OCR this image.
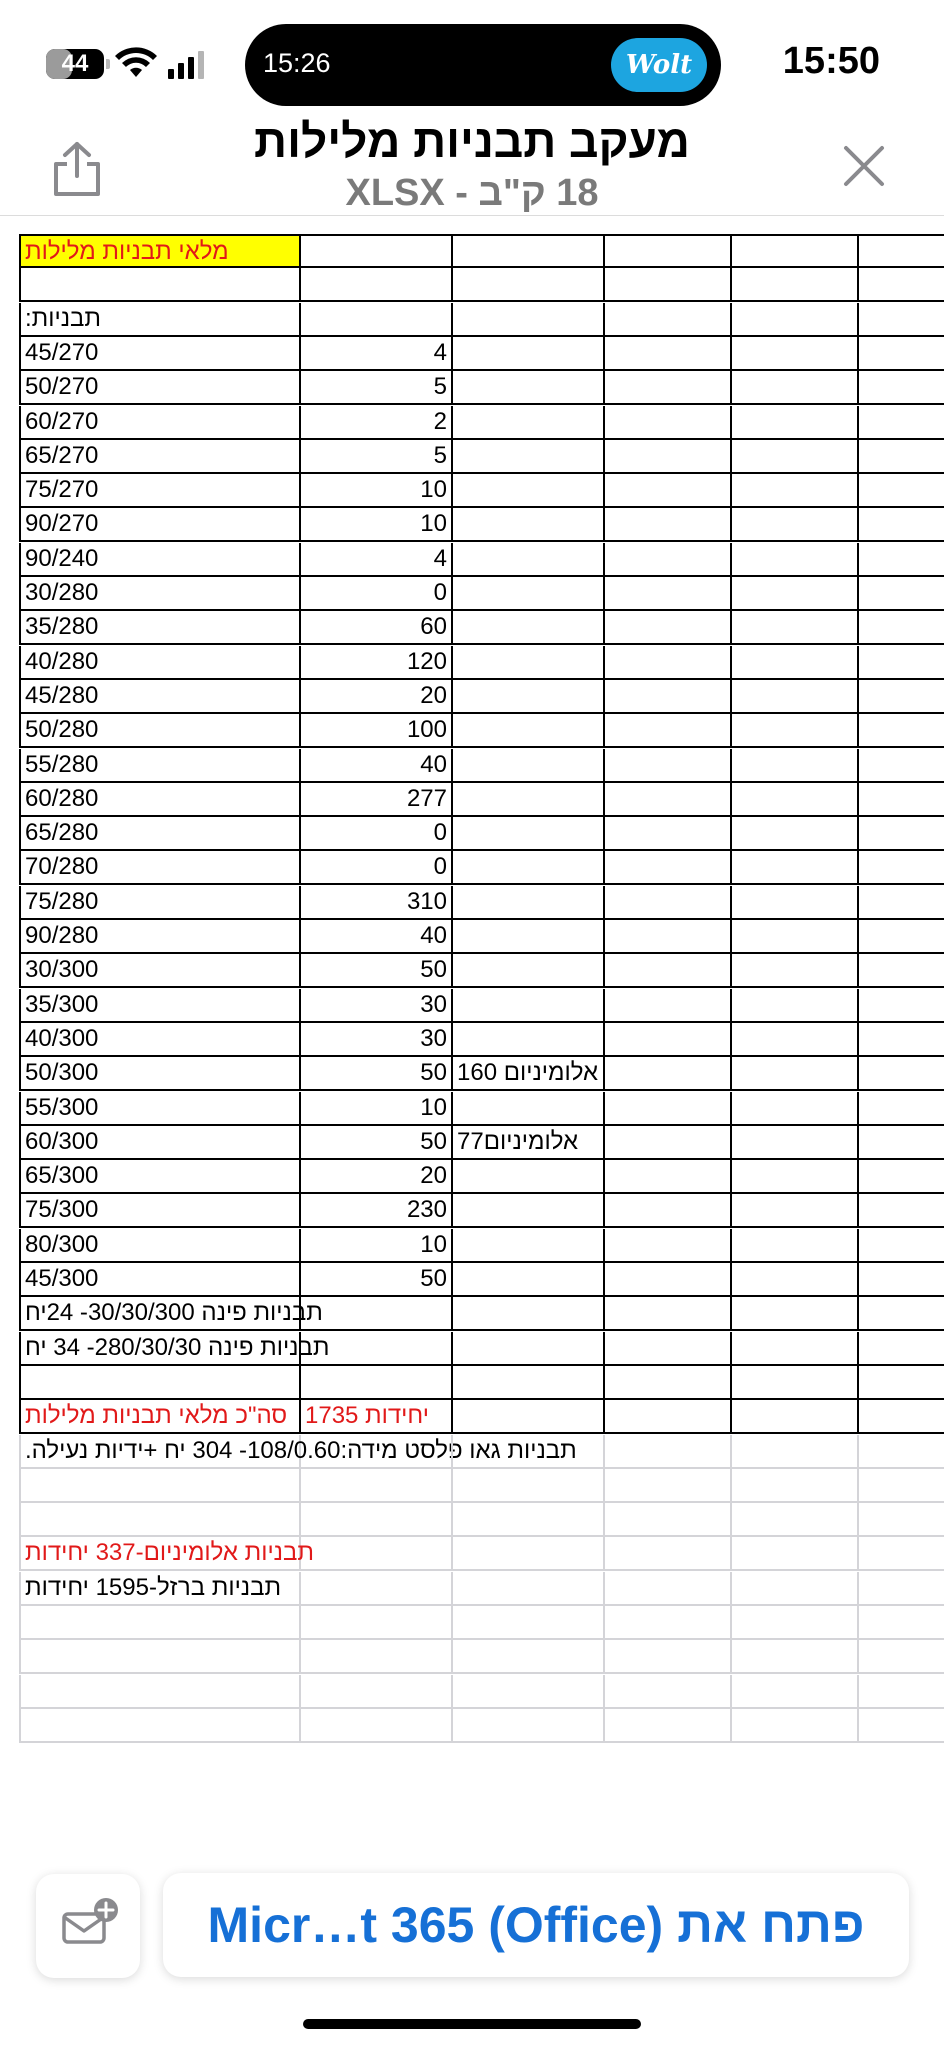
44	15:26	Wolt	15:50
מעקב תבניות מלילות
18 ק"ב - XLSX
מלאי תבניות מלילות
תבניות:
45/270	4
50/270	5
60/270	2
65/270	5
75/270	10
90/270	10
90/240	4
30/280	0
35/280	60
40/280	120
45/280	20
50/280	100
55/280	40
60/280	277
65/280	0
70/280	0
75/280	310
90/280	40
30/300	50
35/300	30
40/300	30
50/300	50 אלומיניום 160
55/300	10
60/300	50 אלומיניום77
65/300	20
75/300	230
80/300	10
45/300	50
תבניות פינה 30/30/300- 24יח
תבניות פינה 280/30/30- 34 יח
סה"כ מלאי תבניות מלילות יחידות 1735
תבניות גאו פלסט מידה:108/0.60- 304 יח +ידיות נעילה.
תבניות אלומיניום-337 יחידות
תבניות ברזל-1595 יחידות
פתח את Micr…t 365 (Office)
